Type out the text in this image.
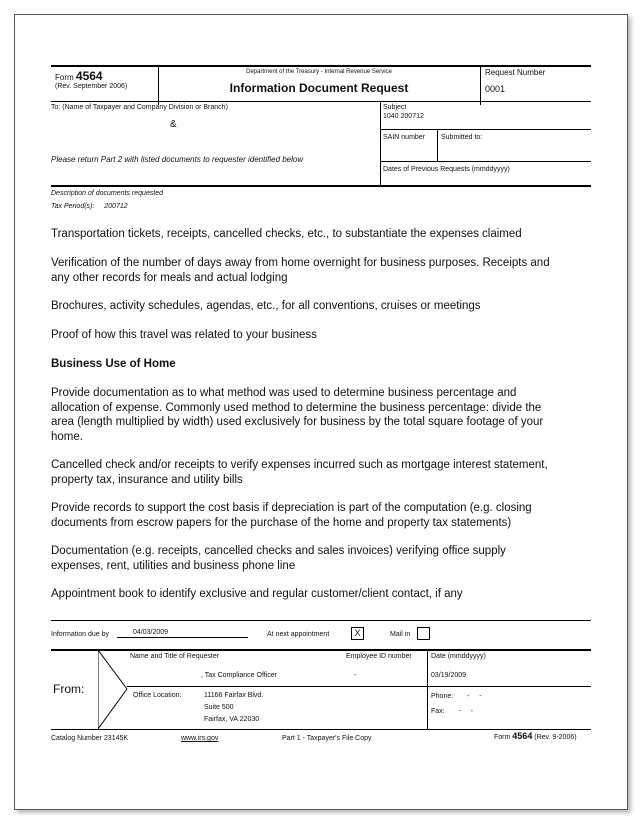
Form 4564
(Rev. September 2006)
Department of the Treasury - Internal Revenue Service
Information Document Request
Request Number
0001
To: (Name of Taxpayer and Company Division or Branch)
&
Please return Part 2 with listed documents to requester identified below
Subject
1040 200712
SAIN number Submitted to:
Dates of Previous Requests (mmddyyyy)
Description of documents requested
Tax Period(s): 200712
Transportation tickets, receipts, cancelled checks, etc., to substantiate the expenses claimed
Verification of the number of days away from home overnight for business purposes. Receipts and any other records for meals and actual lodging
Brochures, activity schedules, agendas, etc., for all conventions, cruises or meetings
Proof of how this travel was related to your business
Business Use of Home
Provide documentation as to what method was used to determine business percentage and allocation of expense. Commonly used method to determine the business percentage: divide the area (length multiplied by width) used exclusively for business by the total square footage of your home.
Cancelled check and/or receipts to verify expenses incurred such as mortgage interest statement, property tax, insurance and utility bills
Provide records to support the cost basis if depreciation is part of the computation (e.g. closing documents from escrow papers for the purchase of the home and property tax statements)
Documentation (e.g. receipts, cancelled checks and sales invoices) verifying office supply expenses, rent, utilities and business phone line
Appointment book to identify exclusive and regular customer/client contact, if any
Information due by	04/03/2009	At next appointment	X	Mail in
From:
Name and Title of Requester
, Tax Compliance Officer
Employee ID number
-
Date (mmddyyyy)
03/19/2009
Office Location:	11166 Fairfax Blvd.
Suite 500
Fairfax, VA 22030
Phone: -     -
Fax: -     -
Catalog Number 23145K	www.irs.gov	Part 1 - Taxpayer's File Copy	Form 4564 (Rev. 9-2006)
